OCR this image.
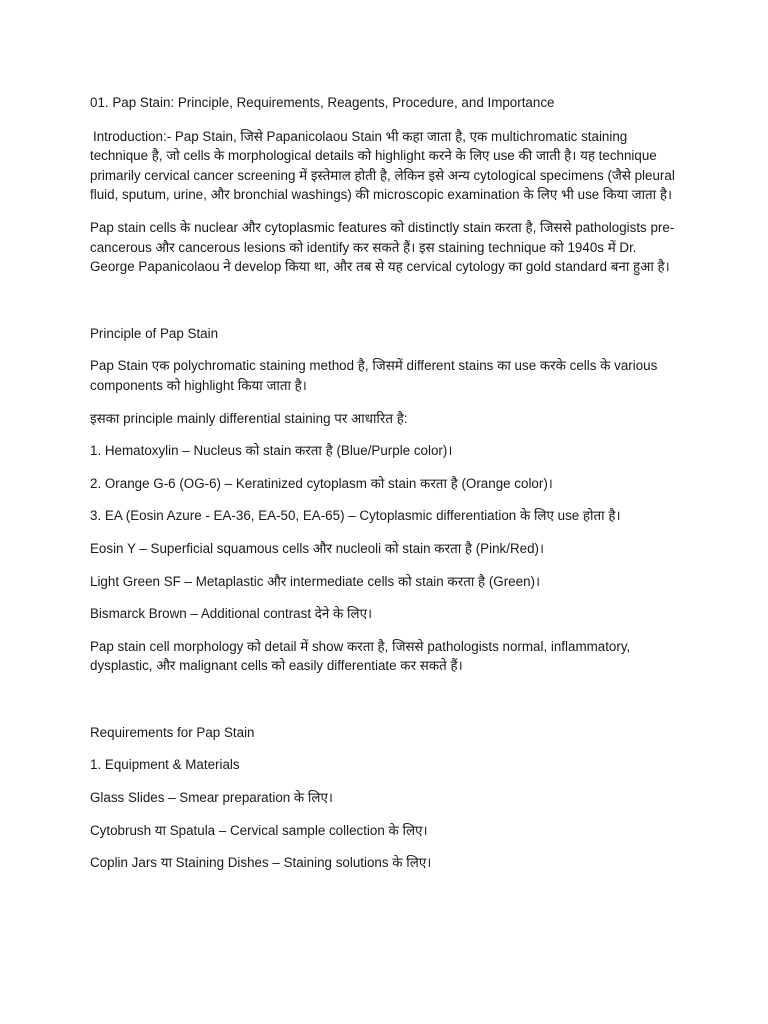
01. Pap Stain: Principle, Requirements, Reagents, Procedure, and Importance

Introduction:- Pap Stain, जिसे Papanicolaou Stain भी कहा जाता है, एक multichromatic staining technique है, जो cells के morphological details को highlight करने के लिए use की जाती है। यह technique primarily cervical cancer screening में इस्तेमाल होती है, लेकिन इसे अन्य cytological specimens (जैसे pleural fluid, sputum, urine, और bronchial washings) की microscopic examination के लिए भी use किया जाता है।

Pap stain cells के nuclear और cytoplasmic features को distinctly stain करता है, जिससे pathologists pre-cancerous और cancerous lesions को identify कर सकते हैं। इस staining technique को 1940s में Dr. George Papanicolaou ने develop किया था, और तब से यह cervical cytology का gold standard बना हुआ है।

Principle of Pap Stain

Pap Stain एक polychromatic staining method है, जिसमें different stains का use करके cells के various components को highlight किया जाता है।

इसका principle mainly differential staining पर आधारित है:

1. Hematoxylin – Nucleus को stain करता है (Blue/Purple color)।

2. Orange G-6 (OG-6) – Keratinized cytoplasm को stain करता है (Orange color)।

3. EA (Eosin Azure - EA-36, EA-50, EA-65) – Cytoplasmic differentiation के लिए use होता है।

Eosin Y – Superficial squamous cells और nucleoli को stain करता है (Pink/Red)।

Light Green SF – Metaplastic और intermediate cells को stain करता है (Green)।

Bismarck Brown – Additional contrast देने के लिए।

Pap stain cell morphology को detail में show करता है, जिससे pathologists normal, inflammatory, dysplastic, और malignant cells को easily differentiate कर सकते हैं।

Requirements for Pap Stain

1. Equipment & Materials

Glass Slides – Smear preparation के लिए।

Cytobrush या Spatula – Cervical sample collection के लिए।

Coplin Jars या Staining Dishes – Staining solutions के लिए।
